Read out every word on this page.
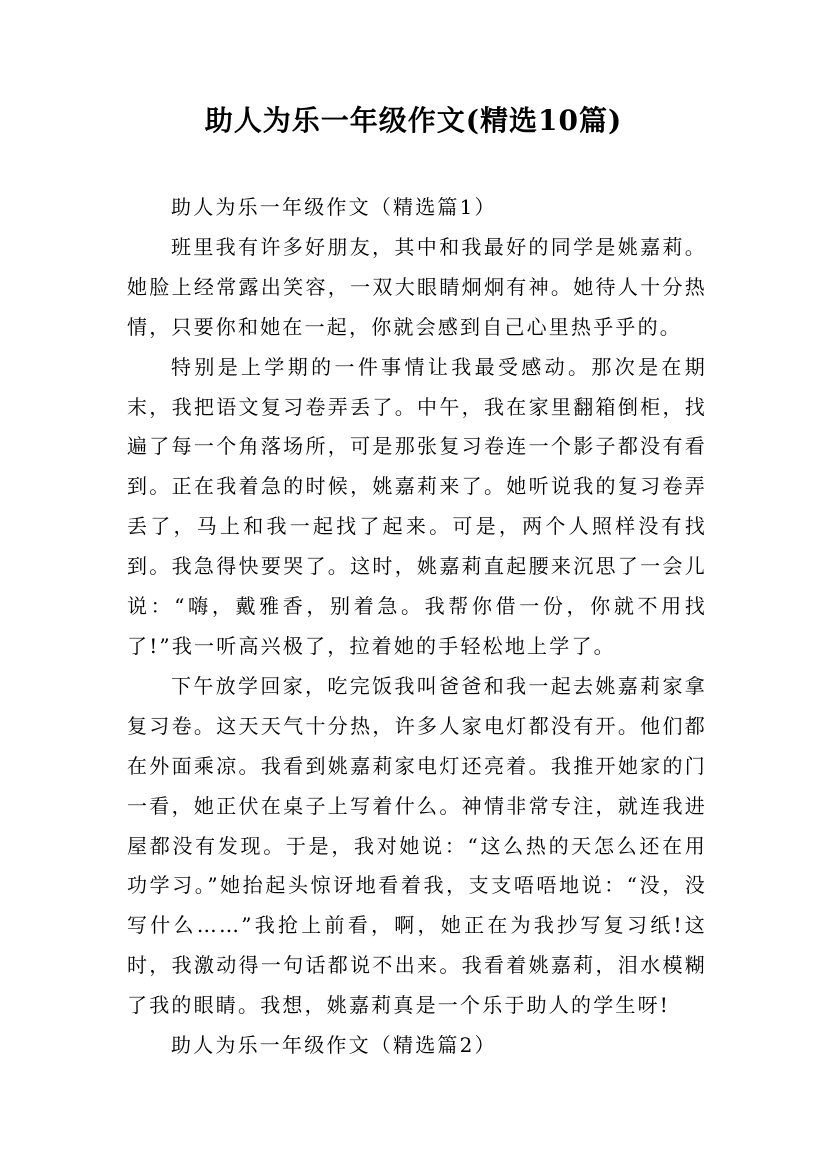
助人为乐一年级作文(精选10篇)

助人为乐一年级作文（精选篇1）

班里我有许多好朋友，其中和我最好的同学是姚嘉莉。她脸上经常露出笑容，一双大眼睛炯炯有神。她待人十分热情，只要你和她在一起，你就会感到自己心里热乎乎的。

特别是上学期的一件事情让我最受感动。那次是在期末，我把语文复习卷弄丢了。中午，我在家里翻箱倒柜，找遍了每一个角落场所，可是那张复习卷连一个影子都没有看到。正在我着急的时候，姚嘉莉来了。她听说我的复习卷弄丢了，马上和我一起找了起来。可是，两个人照样没有找到。我急得快要哭了。这时，姚嘉莉直起腰来沉思了一会儿说：“嗨，戴雅香，别着急。我帮你借一份，你就不用找了!”我一听高兴极了，拉着她的手轻松地上学了。

下午放学回家，吃完饭我叫爸爸和我一起去姚嘉莉家拿复习卷。这天天气十分热，许多人家电灯都没有开。他们都在外面乘凉。我看到姚嘉莉家电灯还亮着。我推开她家的门一看，她正伏在桌子上写着什么。神情非常专注，就连我进屋都没有发现。于是，我对她说：“这么热的天怎么还在用功学习。”她抬起头惊讶地看着我，支支唔唔地说：“没，没写什么……”我抢上前看，啊，她正在为我抄写复习纸!这时，我激动得一句话都说不出来。我看着姚嘉莉，泪水模糊了我的眼睛。我想，姚嘉莉真是一个乐于助人的学生呀!

助人为乐一年级作文（精选篇2）
